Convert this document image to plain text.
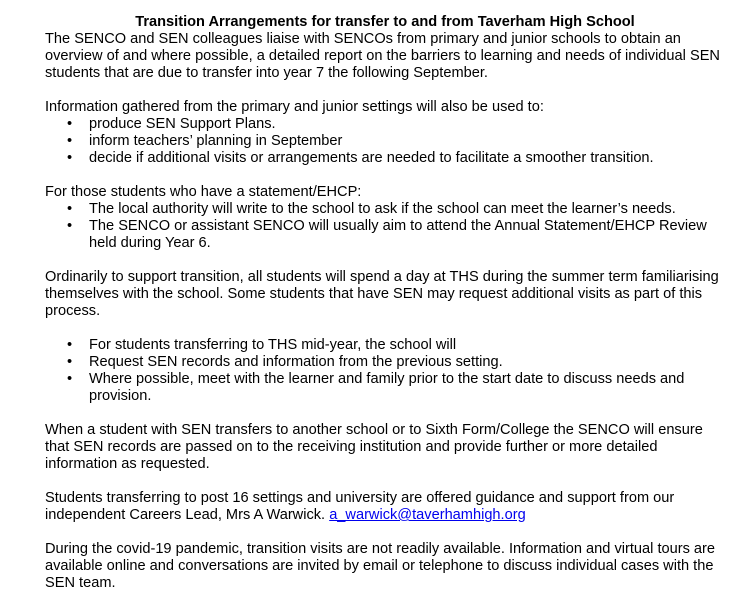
Transition Arrangements for transfer to and from Taverham High School

The SENCO and SEN colleagues liaise with SENCOs from primary and junior schools to obtain an overview of and where possible, a detailed report on the barriers to learning and needs of individual SEN students that are due to transfer into year 7 the following September.

Information gathered from the primary and junior settings will also be used to:

• produce SEN Support Plans.
• inform teachers’ planning in September
• decide if additional visits or arrangements are needed to facilitate a smoother transition.

For those students who have a statement/EHCP:

• The local authority will write to the school to ask if the school can meet the learner’s needs.
• The SENCO or assistant SENCO will usually aim to attend the Annual Statement/EHCP Review held during Year 6.

Ordinarily to support transition, all students will spend a day at THS during the summer term familiarising themselves with the school. Some students that have SEN may request additional visits as part of this process.

• For students transferring to THS mid-year, the school will
• Request SEN records and information from the previous setting.
• Where possible, meet with the learner and family prior to the start date to discuss needs and provision.

When a student with SEN transfers to another school or to Sixth Form/College the SENCO will ensure that SEN records are passed on to the receiving institution and provide further or more detailed information as requested.

Students transferring to post 16 settings and university are offered guidance and support from our independent Careers Lead, Mrs A Warwick. a_warwick@taverhamhigh.org

During the covid-19 pandemic, transition visits are not readily available. Information and virtual tours are available online and conversations are invited by email or telephone to discuss individual cases with the SEN team.
